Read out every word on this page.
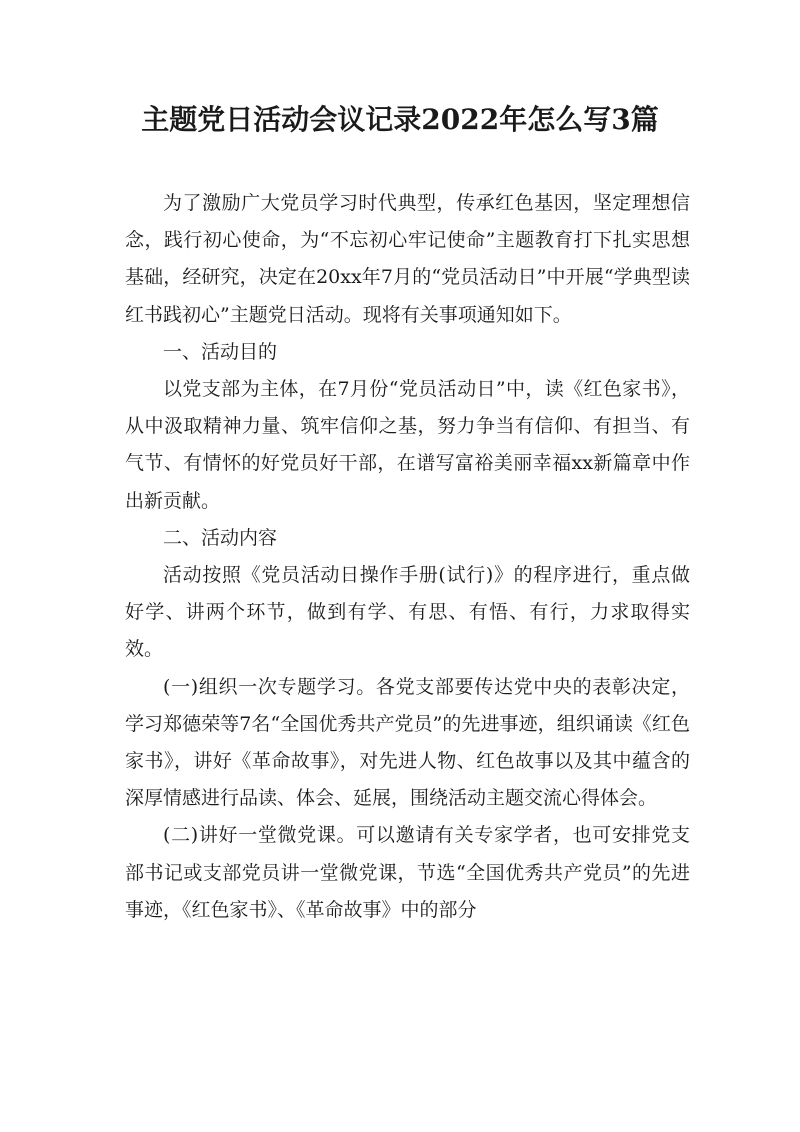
主题党日活动会议记录2022年怎么写3篇

为了激励广大党员学习时代典型，传承红色基因，坚定理想信念，践行初心使命，为“不忘初心牢记使命”主题教育打下扎实思想基础，经研究，决定在20xx年7月的“党员活动日”中开展“学典型读红书践初心”主题党日活动。现将有关事项通知如下。

一、活动目的

以党支部为主体，在7月份“党员活动日”中，读《红色家书》，从中汲取精神力量、筑牢信仰之基，努力争当有信仰、有担当、有气节、有情怀的好党员好干部，在谱写富裕美丽幸福xx新篇章中作出新贡献。

二、活动内容

活动按照《党员活动日操作手册(试行)》的程序进行，重点做好学、讲两个环节，做到有学、有思、有悟、有行，力求取得实效。

(一)组织一次专题学习。各党支部要传达党中央的表彰决定，学习郑德荣等7名“全国优秀共产党员”的先进事迹，组织诵读《红色家书》，讲好《革命故事》，对先进人物、红色故事以及其中蕴含的深厚情感进行品读、体会、延展，围绕活动主题交流心得体会。

(二)讲好一堂微党课。可以邀请有关专家学者，也可安排党支部书记或支部党员讲一堂微党课，节选“全国优秀共产党员”的先进事迹，《红色家书》、《革命故事》中的部分
